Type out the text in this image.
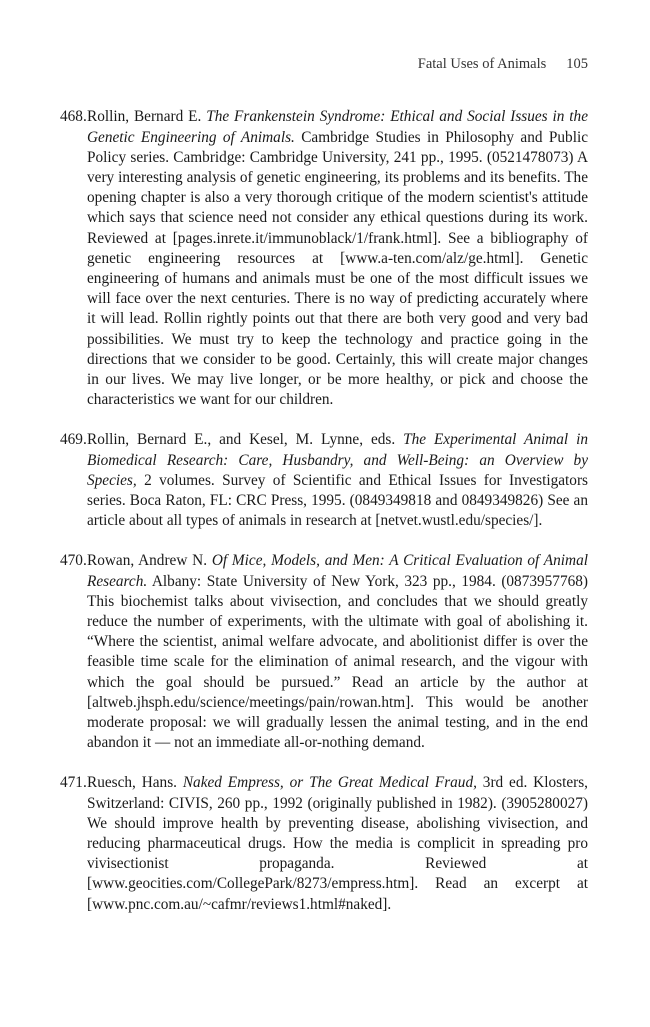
Fatal Uses of Animals 105

468. Rollin, Bernard E. The Frankenstein Syndrome: Ethical and Social Issues in the Genetic Engineering of Animals. Cambridge Studies in Philosophy and Public Policy series. Cambridge: Cambridge University, 241 pp., 1995. (0521478073) A very interesting analysis of genetic engineering, its problems and its benefits. The opening chapter is also a very thorough critique of the modern scientist's attitude which says that science need not consider any ethical questions during its work. Reviewed at [pages.inrete.it/immunoblack/1/frank.html]. See a bibliography of genetic engineering resources at [www.a-ten.com/alz/ge.html]. Genetic engineering of humans and animals must be one of the most difficult issues we will face over the next centuries. There is no way of predicting accurately where it will lead. Rollin rightly points out that there are both very good and very bad possibilities. We must try to keep the technology and practice going in the directions that we consider to be good. Certainly, this will create major changes in our lives. We may live longer, or be more healthy, or pick and choose the characteristics we want for our children.

469. Rollin, Bernard E., and Kesel, M. Lynne, eds. The Experimental Animal in Biomedical Research: Care, Husbandry, and Well-Being: an Overview by Species, 2 volumes. Survey of Scientific and Ethical Issues for Investigators series. Boca Raton, FL: CRC Press, 1995. (0849349818 and 0849349826) See an article about all types of animals in research at [netvet.wustl.edu/species/].

470. Rowan, Andrew N. Of Mice, Models, and Men: A Critical Evaluation of Animal Research. Albany: State University of New York, 323 pp., 1984. (0873957768) This biochemist talks about vivisection, and concludes that we should greatly reduce the number of experiments, with the ultimate with goal of abolishing it. “Where the scientist, animal welfare advocate, and abolitionist differ is over the feasible time scale for the elimination of animal research, and the vigour with which the goal should be pursued.” Read an article by the author at [altweb.jhsph.edu/science/meetings/pain/rowan.htm]. This would be another moderate proposal: we will gradually lessen the animal testing, and in the end abandon it — not an immediate all-or-nothing demand.

471. Ruesch, Hans. Naked Empress, or The Great Medical Fraud, 3rd ed. Klosters, Switzerland: CIVIS, 260 pp., 1992 (originally published in 1982). (3905280027) We should improve health by preventing disease, abolishing vivisection, and reducing pharmaceutical drugs. How the media is complicit in spreading pro vivisectionist propaganda. Reviewed at [www.geocities.com/CollegePark/8273/empress.htm]. Read an excerpt at [www.pnc.com.au/~cafmr/reviews1.html#naked].
